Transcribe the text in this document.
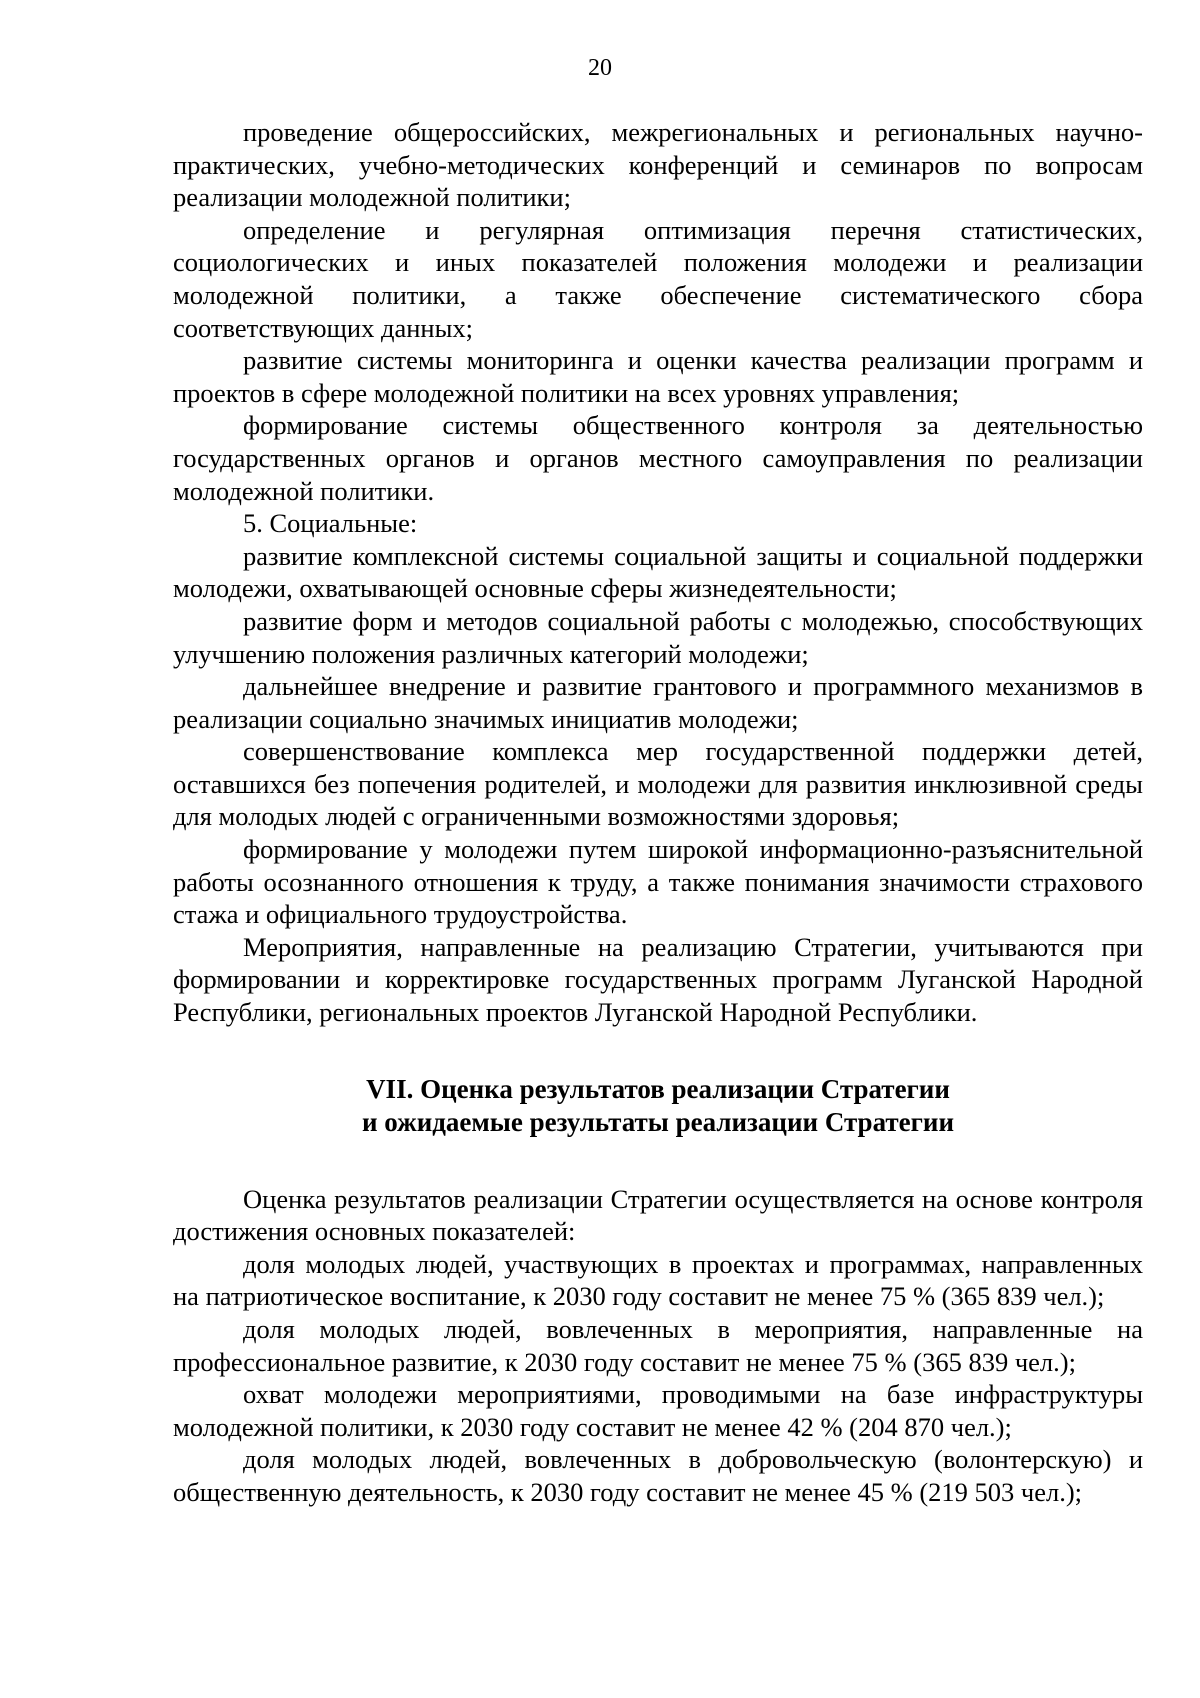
20

проведение общероссийских, межрегиональных и региональных научно-практических, учебно-методических конференций и семинаров по вопросам реализации молодежной политики;

определение и регулярная оптимизация перечня статистических, социологических и иных показателей положения молодежи и реализации молодежной политики, а также обеспечение систематического сбора соответствующих данных;

развитие системы мониторинга и оценки качества реализации программ и проектов в сфере молодежной политики на всех уровнях управления;

формирование системы общественного контроля за деятельностью государственных органов и органов местного самоуправления по реализации молодежной политики.

5. Социальные:

развитие комплексной системы социальной защиты и социальной поддержки молодежи, охватывающей основные сферы жизнедеятельности;

развитие форм и методов социальной работы с молодежью, способствующих улучшению положения различных категорий молодежи;

дальнейшее внедрение и развитие грантового и программного механизмов в реализации социально значимых инициатив молодежи;

совершенствование комплекса мер государственной поддержки детей, оставшихся без попечения родителей, и молодежи для развития инклюзивной среды для молодых людей с ограниченными возможностями здоровья;

формирование у молодежи путем широкой информационно-разъяснительной работы осознанного отношения к труду, а также понимания значимости страхового стажа и официального трудоустройства.

Мероприятия, направленные на реализацию Стратегии, учитываются при формировании и корректировке государственных программ Луганской Народной Республики, региональных проектов Луганской Народной Республики.

VII. Оценка результатов реализации Стратегии
и ожидаемые результаты реализации Стратегии

Оценка результатов реализации Стратегии осуществляется на основе контроля достижения основных показателей:

доля молодых людей, участвующих в проектах и программах, направленных на патриотическое воспитание, к 2030 году составит не менее 75 % (365 839 чел.);

доля молодых людей, вовлеченных в мероприятия, направленные на профессиональное развитие, к 2030 году составит не менее 75 % (365 839 чел.);

охват молодежи мероприятиями, проводимыми на базе инфраструктуры молодежной политики, к 2030 году составит не менее 42 % (204 870 чел.);

доля молодых людей, вовлеченных в добровольческую (волонтерскую) и общественную деятельность, к 2030 году составит не менее 45 % (219 503 чел.);
